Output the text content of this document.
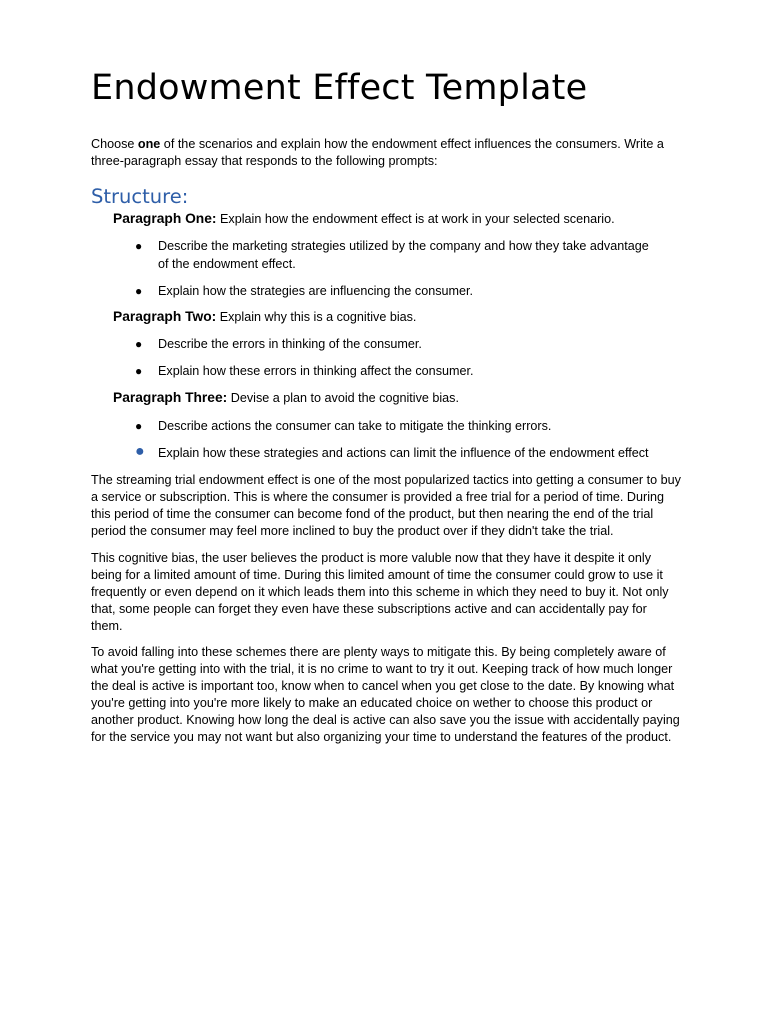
Endowment Effect Template

Choose one of the scenarios and explain how the endowment effect influences the consumers. Write a three-paragraph essay that responds to the following prompts:

Structure:

Paragraph One: Explain how the endowment effect is at work in your selected scenario.

● Describe the marketing strategies utilized by the company and how they take advantage of the endowment effect.
● Explain how the strategies are influencing the consumer.

Paragraph Two: Explain why this is a cognitive bias.

● Describe the errors in thinking of the consumer.
● Explain how these errors in thinking affect the consumer.

Paragraph Three: Devise a plan to avoid the cognitive bias.

● Describe actions the consumer can take to mitigate the thinking errors.
● Explain how these strategies and actions can limit the influence of the endowment effect

The streaming trial endowment effect is one of the most popularized tactics into getting a consumer to buy a service or subscription. This is where the consumer is provided a free trial for a period of time. During this period of time the consumer can become fond of the product, but then nearing the end of the trial period the consumer may feel more inclined to buy the product over if they didn't take the trial.

This cognitive bias, the user believes the product is more valuble now that they have it despite it only being for a limited amount of time. During this limited amount of time the consumer could grow to use it frequently or even depend on it which leads them into this scheme in which they need to buy it. Not only that, some people can forget they even have these subscriptions active and can accidentally pay for them.

To avoid falling into these schemes there are plenty ways to mitigate this. By being completely aware of what you're getting into with the trial, it is no crime to want to try it out. Keeping track of how much longer the deal is active is important too, know when to cancel when you get close to the date. By knowing what you're getting into you're more likely to make an educated choice on wether to choose this product or another product. Knowing how long the deal is active can also save you the issue with accidentally paying for the service you may not want but also organizing your time to understand the features of the product.
